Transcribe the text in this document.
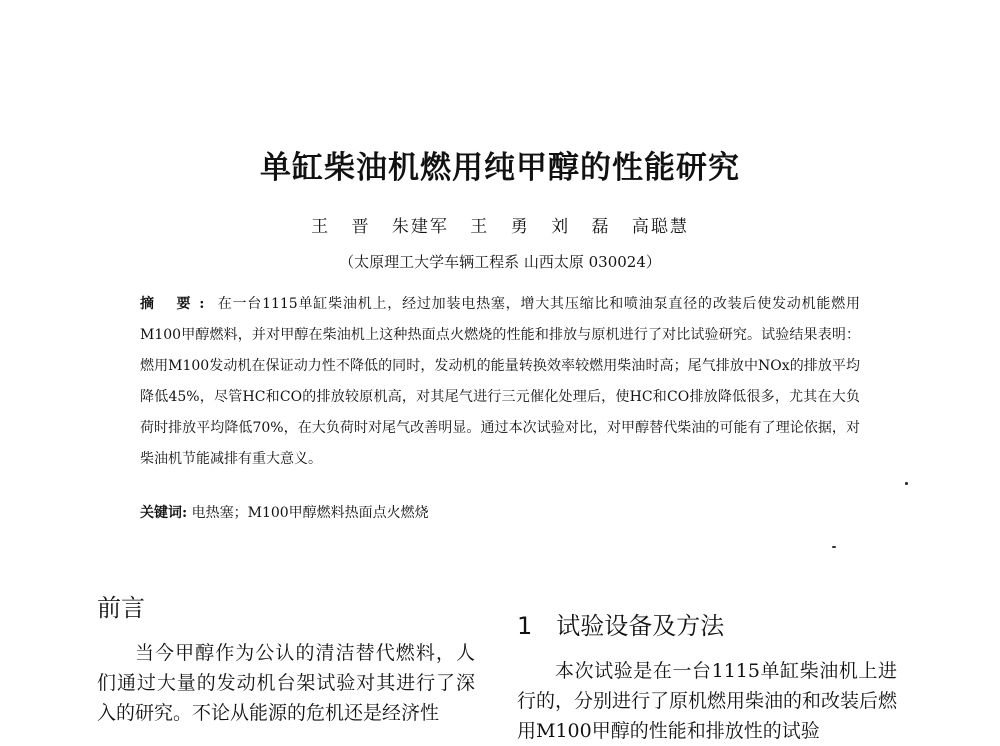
单缸柴油机燃用纯甲醇的性能研究
王 晋 朱建军 王 勇 刘 磊 高聪慧
（太原理工大学车辆工程系 山西太原 030024）
摘 要: 在一台1115单缸柴油机上，经过加装电热塞，增大其压缩比和喷油泵直径的改装后使发动机能燃用M100甲醇燃料，并对甲醇在柴油机上这种热面点火燃烧的性能和排放与原机进行了对比试验研究。试验结果表明：燃用M100发动机在保证动力性不降低的同时，发动机的能量转换效率较燃用柴油时高；尾气排放中NOx的排放平均降低45%，尽管HC和CO的排放较原机高，对其尾气进行三元催化处理后，使HC和CO排放降低很多，尤其在大负荷时排放平均降低70%，在大负荷时对尾气改善明显。通过本次试验对比，对甲醇替代柴油的可能有了理论依据，对柴油机节能减排有重大意义。
关键词: 电热塞；M100甲醇燃料热面点火燃烧
前言
当今甲醇作为公认的清洁替代燃料，人们通过大量的发动机台架试验对其进行了深入的研究。不论从能源的危机还是经济性
1 试验设备及方法
本次试验是在一台1115单缸柴油机上进行的，分别进行了原机燃用柴油的和改装后燃用M100甲醇的性能和排放性的试验
